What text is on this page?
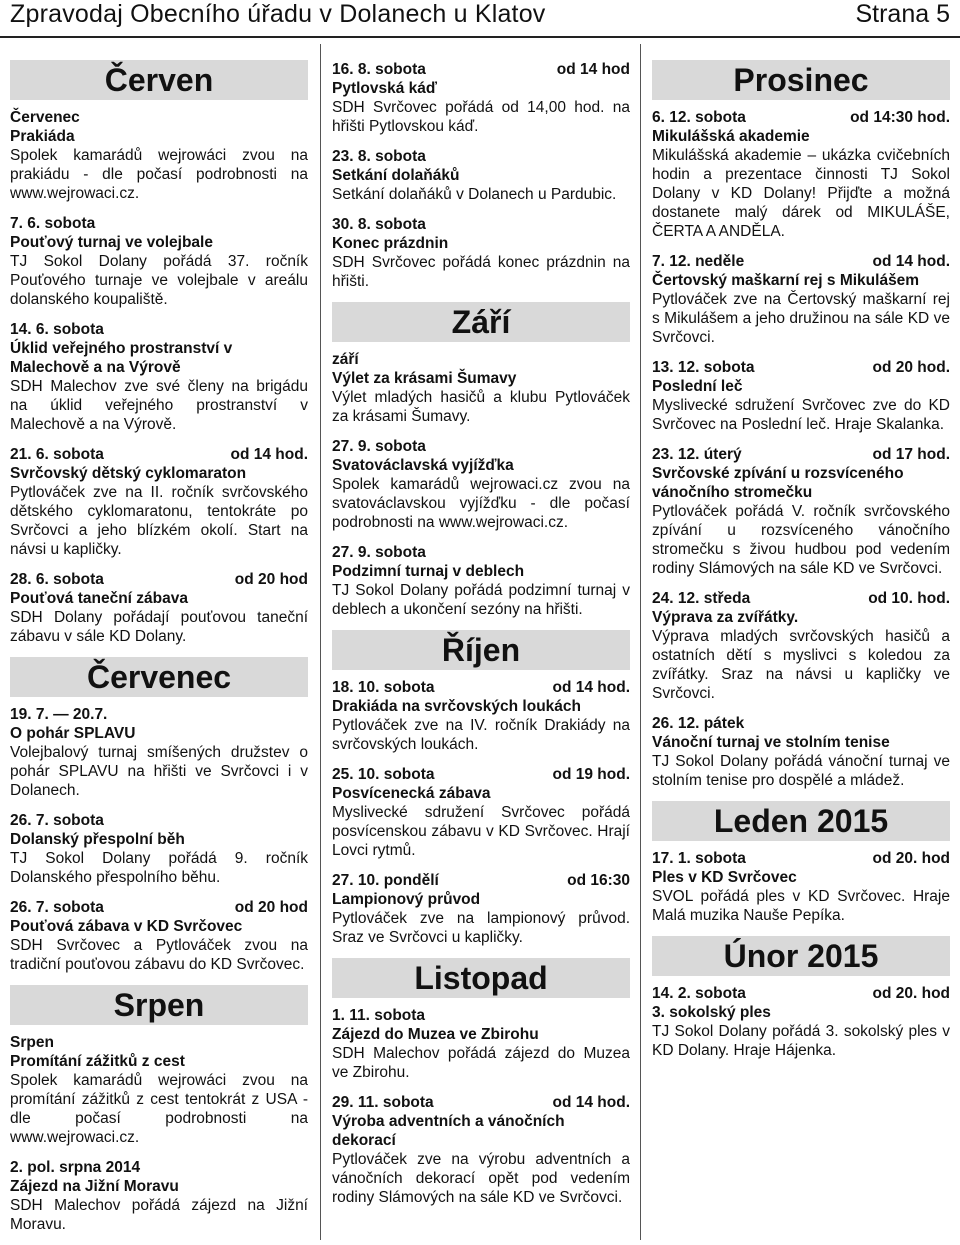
Zpravodaj Obecního úřadu v Dolanech u Klatov	Strana 5
Červen
Červenec
Prakiáda
Spolek kamarádů wejrowáci zvou na prakiádu - dle počasí podrobnosti na www.wejrowaci.cz.
7. 6. sobota
Pouťový turnaj ve volejbale
TJ Sokol Dolany pořádá 37. ročník Pouťového turnaje ve volejbale v areálu dolanského koupaliště.
14. 6. sobota
Úklid veřejného prostranství v Malechově a na Výrově
SDH Malechov zve své členy na brigádu na úklid veřejného prostranství v Malechově a na Výrově.
21. 6. sobota	od 14 hod.
Svrčovský dětský cyklomaraton
Pytlováček zve na II. ročník svrčovského dětského cyklomaratonu, tentokráte po Svrčovci a jeho blízkém okolí. Start na návsi u kapličky.
28. 6. sobota	od 20 hod
Pouťová taneční zábava
SDH Dolany pořádají pouťovou taneční zábavu v sále KD Dolany.
Červenec
19. 7. — 20.7.
O pohár SPLAVU
Volejbalový turnaj smíšených družstev o pohár SPLAVU na hřišti ve Svrčovci i v Dolanech.
26. 7. sobota
Dolanský přespolní běh
TJ Sokol Dolany pořádá 9. ročník Dolanského přespolního běhu.
26. 7. sobota	od 20 hod
Pouťová zábava v KD Svrčovec
SDH Svrčovec a Pytlováček zvou na tradiční pouťovou zábavu do KD Svrčovec.
Srpen
Srpen
Promítání zážitků z cest
Spolek kamarádů wejrowáci zvou na promítání zážitků z cest tentokrát z USA - dle počasí podrobnosti na www.wejrowaci.cz.
2. pol. srpna 2014
Zájezd na Jižní Moravu
SDH Malechov pořádá zájezd na Jižní Moravu.
16. 8. sobota	od 14 hod
Pytlovská káď
SDH Svrčovec pořádá od 14,00 hod. na hřišti Pytlovskou káď.
23. 8. sobota
Setkání dolaňáků
Setkání dolaňáků v Dolanech u Pardubic.
30. 8. sobota
Konec prázdnin
SDH Svrčovec pořádá konec prázdnin na hřišti.
Září
září
Výlet za krásami Šumavy
Výlet mladých hasičů a klubu Pytlováček za krásami Šumavy.
27. 9. sobota
Svatováclavská vyjížďka
Spolek kamarádů wejrowaci.cz zvou na svatováclavskou vyjížďku - dle počasí podrobnosti na www.wejrowaci.cz.
27. 9. sobota
Podzimní turnaj v deblech
TJ Sokol Dolany pořádá podzimní turnaj v deblech a ukončení sezóny na hřišti.
Říjen
18. 10. sobota	od 14 hod.
Drakiáda na svrčovských loukách
Pytlováček zve na IV. ročník Drakiády na svrčovských loukách.
25. 10. sobota	od 19 hod.
Posvícenecká zábava
Myslivecké sdružení Svrčovec pořádá posvícenskou zábavu v KD Svrčovec. Hrají Lovci rytmů.
27. 10. pondělí	od 16:30
Lampionový průvod
Pytlováček zve na lampionový průvod. Sraz ve Svrčovci u kapličky.
Listopad
1. 11. sobota
Zájezd do Muzea ve Zbirohu
SDH Malechov pořádá zájezd do Muzea ve Zbirohu.
29. 11. sobota	od 14 hod.
Výroba adventních a vánočních dekorací
Pytlováček zve na výrobu adventních a vánočních dekorací opět pod vedením rodiny Slámových na sále KD ve Svrčovci.
Prosinec
6. 12. sobota	od 14:30 hod.
Mikulášská akademie
Mikulášská akademie – ukázka cvičebních hodin a prezentace činnosti TJ Sokol Dolany v KD Dolany! Přijďte a možná dostanete malý dárek od MIKULÁŠE, ČERTA A ANDĚLA.
7. 12. neděle	od 14 hod.
Čertovský maškarní rej s Mikulášem
Pytlováček zve na Čertovský maškarní rej s Mikulášem a jeho družinou na sále KD ve Svrčovci.
13. 12. sobota	od 20 hod.
Poslední leč
Myslivecké sdružení Svrčovec zve do KD Svrčovec na Poslední leč. Hraje Skalanka.
23. 12. úterý	od 17 hod.
Svrčovské zpívání u rozsvíceného vánočního stromečku
Pytlováček pořádá V. ročník svrčovského zpívání u rozsvíceného vánočního stromečku s živou hudbou pod vedením rodiny Slámových na sále KD ve Svrčovci.
24. 12. středa	od 10. hod.
Výprava za zvířátky.
Výprava mladých svrčovských hasičů a ostatních dětí s myslivci s koledou za zvířátky. Sraz na návsi u kapličky ve Svrčovci.
26. 12. pátek
Vánoční turnaj ve stolním tenise
TJ Sokol Dolany pořádá vánoční turnaj ve stolním tenise pro dospělé a mládež.
Leden 2015
17. 1. sobota	od 20. hod
Ples v KD Svrčovec
SVOL pořádá ples v KD Svrčovec. Hraje Malá muzika Nauše Pepíka.
Únor 2015
14. 2. sobota	od 20. hod
3. sokolský ples
TJ Sokol Dolany pořádá 3. sokolský ples v KD Dolany. Hraje Hájenka.
